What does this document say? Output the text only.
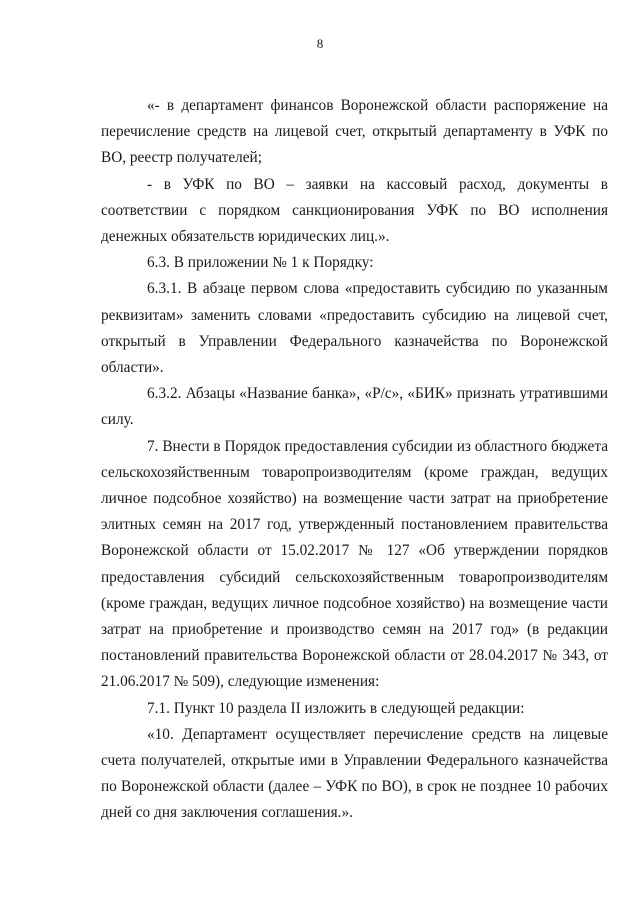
8

«- в департамент финансов Воронежской области распоряжение на перечисление средств на лицевой счет, открытый департаменту в УФК по ВО, реестр получателей;

- в УФК по ВО – заявки на кассовый расход, документы в соответствии с порядком санкционирования УФК по ВО исполнения денежных обязательств юридических лиц.».

6.3. В приложении № 1 к Порядку:

6.3.1. В абзаце первом слова «предоставить субсидию по указанным реквизитам» заменить словами «предоставить субсидию на лицевой счет, открытый в Управлении Федерального казначейства по Воронежской области».

6.3.2. Абзацы «Название банка», «Р/с», «БИК» признать утратившими силу.

7. Внести в Порядок предоставления субсидии из областного бюджета сельскохозяйственным товаропроизводителям (кроме граждан, ведущих личное подсобное хозяйство) на возмещение части затрат на приобретение элитных семян на 2017 год, утвержденный постановлением правительства Воронежской области от 15.02.2017 № 127 «Об утверждении порядков предоставления субсидий сельскохозяйственным товаропроизводителям (кроме граждан, ведущих личное подсобное хозяйство) на возмещение части затрат на приобретение и производство семян на 2017 год» (в редакции постановлений правительства Воронежской области от 28.04.2017 № 343, от 21.06.2017 № 509), следующие изменения:

7.1. Пункт 10 раздела II изложить в следующей редакции:

«10. Департамент осуществляет перечисление средств на лицевые счета получателей, открытые ими в Управлении Федерального казначейства по Воронежской области (далее – УФК по ВО), в срок не позднее 10 рабочих дней со дня заключения соглашения.».
